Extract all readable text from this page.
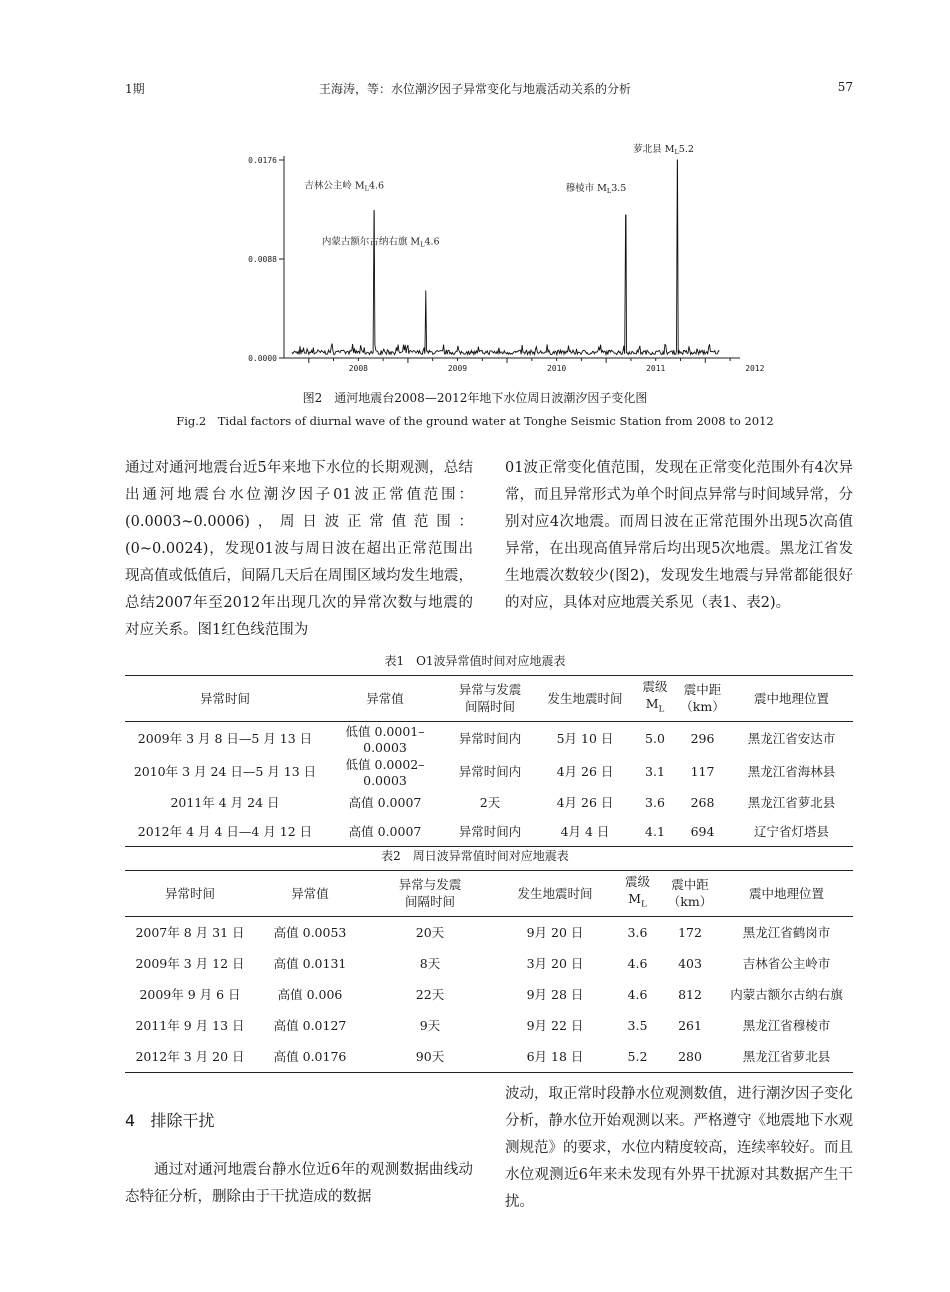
1期	王海涛，等：水位潮汐因子异常变化与地震活动关系的分析	57
0.0000
0.0088
0.0176
2008	2009	2010	2011	2012
吉林公主岭 $M_L4.6$
内蒙古额尔古纳右旗 $M_L4.6$
穆棱市 $M_L3.5$
萝北县 $M_L5.2$
图2　通河地震台2008—2012年地下水位周日波潮汐因子变化图
Fig.2　Tidal factors of diurnal wave of the ground water at Tonghe Seismic Station from 2008 to 2012

通过对通河地震台近5年来地下水位的长期观测，总结出通河地震台水位潮汐因子01波正常值范围：(0.0003~0.0006)，周日波正常值范围：(0~0.0024)，发现01波与周日波在超出正常范围出现高值或低值后，间隔几天后在周围区域均发生地震，总结2007年至2012年出现几次的异常次数与地震的对应关系。图1红色线范围为

01波正常变化值范围，发现在正常变化范围外有4次异常，而且异常形式为单个时间点异常与时间域异常，分别对应4次地震。而周日波在正常范围外出现5次高值异常，在出现高值异常后均出现5次地震。黑龙江省发生地震次数较少(图2)，发现发生地震与异常都能很好的对应，具体对应地震关系见（表1、表2)。

表1　O1波异常值时间对应地震表
异常时间	异常值	异常与发震
间隔时间	发生地震时间	震级
$M_L$	震中距
（km）	震中地理位置
2009年 3 月 8 日—5 月 13 日	低值 0.0001–0.0003	异常时间内	5月 10 日	5.0	296	黑龙江省安达市
2010年 3 月 24 日—5 月 13 日	低值 0.0002–0.0003	异常时间内	4月 26 日	3.1	117	黑龙江省海林县
2011年 4 月 24 日	高值 0.0007	2天	4月 26 日	3.6	268	黑龙江省萝北县
2012年 4 月 4 日—4 月 12 日	高值 0.0007	异常时间内	4月 4 日	4.1	694	辽宁省灯塔县
表2　周日波异常值时间对应地震表
异常时间	异常值	异常与发震
间隔时间	发生地震时间	震级
$M_L$	震中距
（km）	震中地理位置
2007年 8 月 31 日	高值 0.0053	20天	9月 20 日	3.6	172	黑龙江省鹤岗市
2009年 3 月 12 日	高值 0.0131	8天	3月 20 日	4.6	403	吉林省公主岭市
2009年 9 月 6 日	高值 0.006	22天	9月 28 日	4.6	812	内蒙古额尔古纳右旗
2011年 9 月 13 日	高值 0.0127	9天	9月 22 日	3.5	261	黑龙江省穆棱市
2012年 3 月 20 日	高值 0.0176	90天	6月 18 日	5.2	280	黑龙江省萝北县
4 排除干扰

通过对通河地震台静水位近6年的观测数据曲线动态特征分析，删除由于干扰造成的数据

波动，取正常时段静水位观测数值，进行潮汐因子变化分析，静水位开始观测以来。严格遵守《地震地下水观测规范》的要求，水位内精度较高，连续率较好。而且水位观测近6年来未发现有外界干扰源对其数据产生干扰。
